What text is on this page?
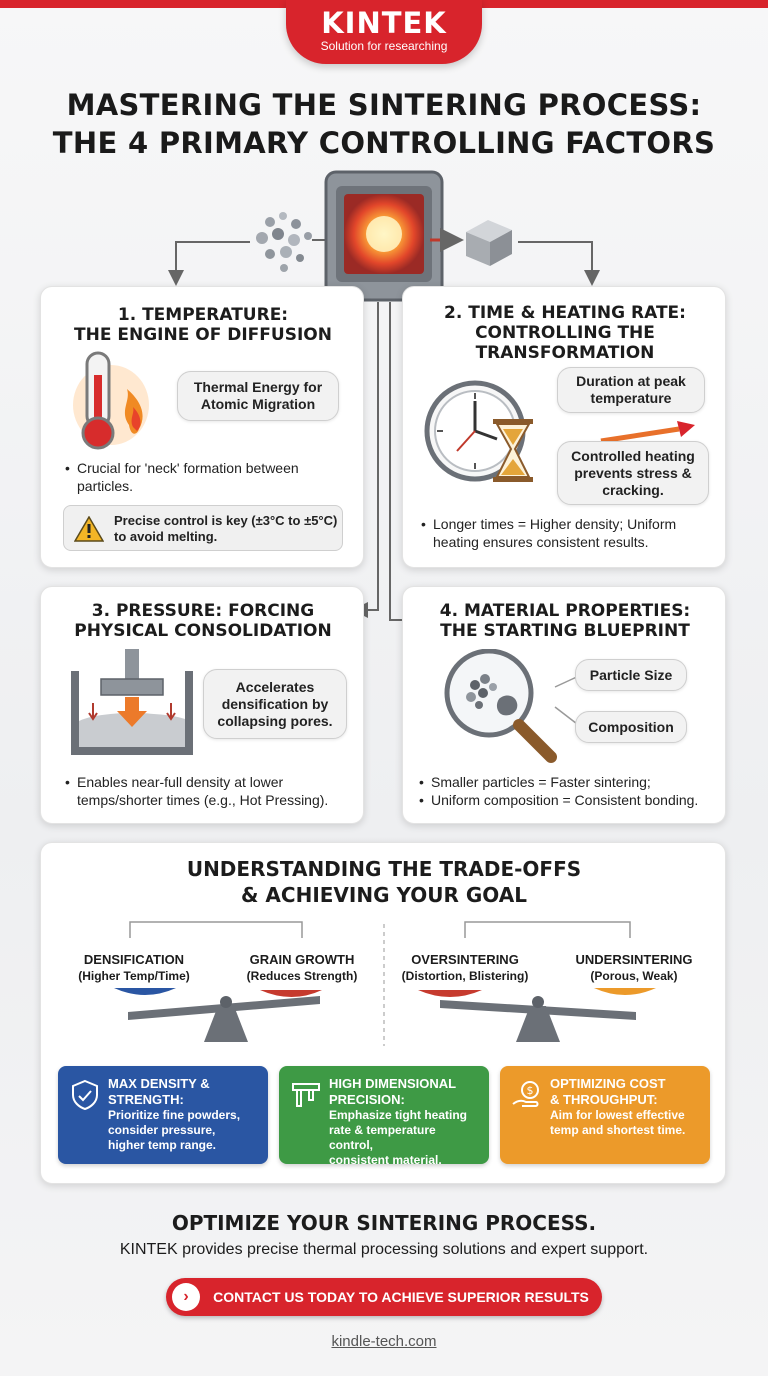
KINTEK
Solution for researching
MASTERING THE SINTERING PROCESS:
THE 4 PRIMARY CONTROLLING FACTORS
1. TEMPERATURE:
THE ENGINE OF DIFFUSION
Thermal Energy for
Atomic Migration
• Crucial for 'neck' formation between
particles.
Precise control is key (±3°C to ±5°C)
to avoid melting.
2. TIME & HEATING RATE:
CONTROLLING THE
TRANSFORMATION
Duration at peak
temperature
Controlled heating
prevents stress &
cracking.
• Longer times = Higher density; Uniform
heating ensures consistent results.
3. PRESSURE: FORCING
PHYSICAL CONSOLIDATION
Accelerates
densification by
collapsing pores.
• Enables near-full density at lower
temps/shorter times (e.g., Hot Pressing).
4. MATERIAL PROPERTIES:
THE STARTING BLUEPRINT
Particle Size
Composition
• Smaller particles = Faster sintering;
• Uniform composition = Consistent bonding.
UNDERSTANDING THE TRADE-OFFS
& ACHIEVING YOUR GOAL
DENSIFICATION
(Higher Temp/Time)
GRAIN GROWTH
(Reduces Strength)
OVERSINTERING
(Distortion, Blistering)
UNDERSINTERING
(Porous, Weak)
MAX DENSITY &
STRENGTH:
Prioritize fine powders,
consider pressure,
higher temp range.
HIGH DIMENSIONAL
PRECISION:
Emphasize tight heating
rate & temperature control,
consistent material.
$ OPTIMIZING COST
& THROUGHPUT:
Aim for lowest effective
temp and shortest time.
OPTIMIZE YOUR SINTERING PROCESS.
KINTEK provides precise thermal processing solutions and expert support.
›	CONTACT US TODAY TO ACHIEVE SUPERIOR RESULTS
kindle-tech.com
